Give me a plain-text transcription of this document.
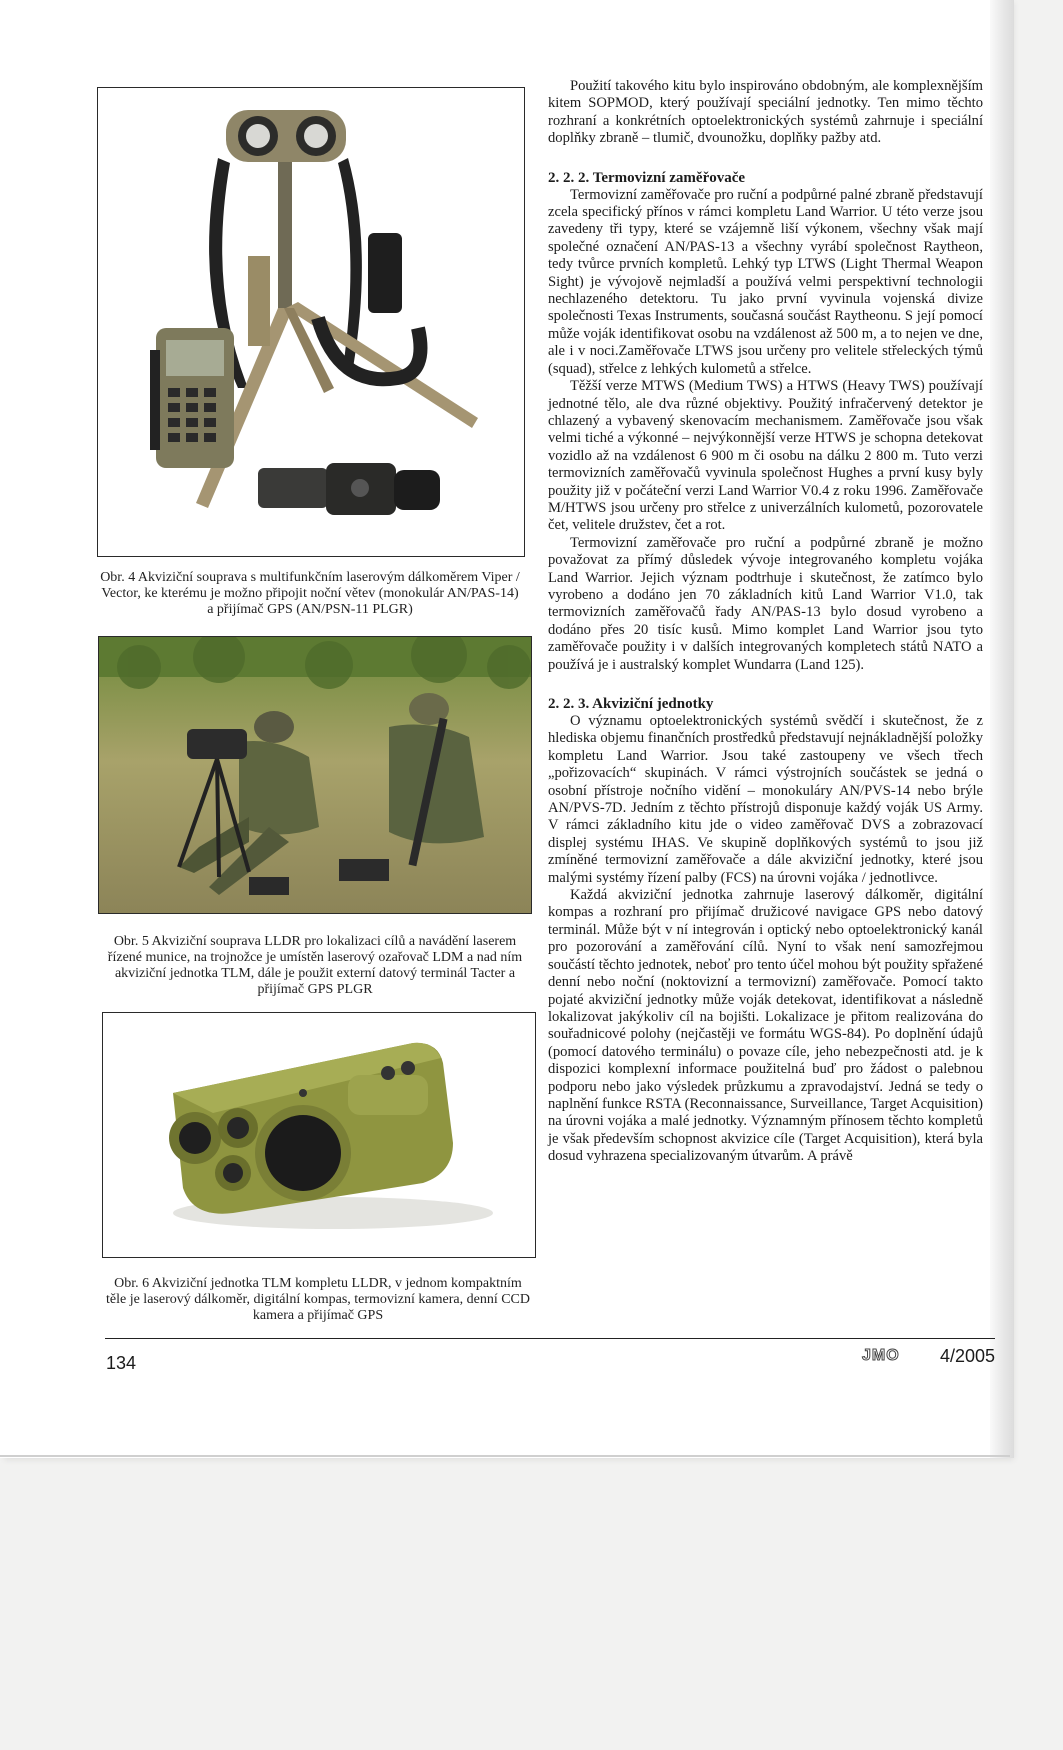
Obr. 4 Akviziční souprava s multifunkčním laserovým dálkoměrem Viper / Vector, ke kterému je možno připojit noční větev (monokulár AN/PAS-14) a přijímač GPS (AN/PSN-11 PLGR)
Obr. 5 Akviziční souprava LLDR pro lokalizaci cílů a navádění laserem řízené munice, na trojnožce je umístěn laserový ozařovač LDM a nad ním akviziční jednotka TLM, dále je použit externí datový terminál Tacter a přijímač GPS PLGR
Obr. 6 Akviziční jednotka TLM kompletu LLDR, v jednom kompaktním těle je laserový dálkoměr, digitální kompas, termovizní kamera, denní CCD kamera a přijímač GPS

Použití takového kitu bylo inspirováno obdobným, ale komplexnějším kitem SOPMOD, který používají speciální jednotky. Ten mimo těchto rozhraní a konkrétních optoelektronických systémů zahrnuje i speciální doplňky zbraně – tlumič, dvounožku, doplňky pažby atd.

2. 2. 2. Termovizní zaměřovače

Termovizní zaměřovače pro ruční a podpůrné palné zbraně představují zcela specifický přínos v rámci kompletu Land Warrior. U této verze jsou zavedeny tři typy, které se vzájemně liší výkonem, všechny však mají společné označení AN/PAS-13 a všechny vyrábí společnost Raytheon, tedy tvůrce prvních kompletů. Lehký typ LTWS (Light Thermal Weapon Sight) je vývojově nejmladší a používá velmi perspektivní technologii nechlazeného detektoru. Tu jako první vyvinula vojenská divize společnosti Texas Instruments, současná součást Raytheonu. S její pomocí může voják identifikovat osobu na vzdálenost až 500 m, a to nejen ve dne, ale i v noci.Zaměřovače LTWS jsou určeny pro velitele střeleckých týmů (squad), střelce z lehkých kulometů a střelce.

Těžší verze MTWS (Medium TWS) a HTWS (Heavy TWS) používají jednotné tělo, ale dva různé objektivy. Použitý infračervený detektor je chlazený a vybavený skenovacím mechanismem. Zaměřovače jsou však velmi tiché a výkonné – nejvýkonnější verze HTWS je schopna detekovat vozidlo až na vzdálenost 6 900 m či osobu na dálku 2 800 m. Tuto verzi termovizních zaměřovačů vyvinula společnost Hughes a první kusy byly použity již v počáteční verzi Land Warrior V0.4 z roku 1996. Zaměřovače M/HTWS jsou určeny pro střelce z univerzálních kulometů, pozorovatele čet, velitele družstev, čet a rot.

Termovizní zaměřovače pro ruční a podpůrné zbraně je možno považovat za přímý důsledek vývoje integrovaného kompletu vojáka Land Warrior. Jejich význam podtrhuje i skutečnost, že zatímco bylo vyrobeno a dodáno jen 70 základních kitů Land Warrior V1.0, tak termovizních zaměřovačů řady AN/PAS-13 bylo dosud vyrobeno a dodáno přes 20 tisíc kusů. Mimo komplet Land Warrior jsou tyto zaměřovače použity i v dalších integrovaných kompletech států NATO a používá je i australský komplet Wundarra (Land 125).

2. 2. 3. Akviziční jednotky

O významu optoelektronických systémů svědčí i skutečnost, že z hlediska objemu finančních prostředků představují nejnákladnější položky kompletu Land Warrior. Jsou také zastoupeny ve všech třech „pořizovacích“ skupinách. V rámci výstrojních součástek se jedná o osobní přístroje nočního vidění – monokuláry AN/PVS-14 nebo brýle AN/PVS-7D. Jedním z těchto přístrojů disponuje každý voják US Army. V rámci základního kitu jde o video zaměřovač DVS a zobrazovací displej systému IHAS. Ve skupině doplňkových systémů to jsou již zmíněné termovizní zaměřovače a dále akviziční jednotky, které jsou malými systémy řízení palby (FCS) na úrovni vojáka / jednotlivce.

Každá akviziční jednotka zahrnuje laserový dálkoměr, digitální kompas a rozhraní pro přijímač družicové navigace GPS nebo datový terminál. Může být v ní integrován i optický nebo optoelektronický kanál pro pozorování a zaměřování cílů. Nyní to však není samozřejmou součástí těchto jednotek, neboť pro tento účel mohou být použity spřažené denní nebo noční (noktovizní a termovizní) zaměřovače. Pomocí takto pojaté akviziční jednotky může voják detekovat, identifikovat a následně lokalizovat jakýkoliv cíl na bojišti. Lokalizace je přitom realizována do souřadnicové polohy (nejčastěji ve formátu WGS-84). Po doplnění údajů (pomocí datového terminálu) o povaze cíle, jeho nebezpečnosti atd. je k dispozici komplexní informace použitelná buď pro žádost o palebnou podporu nebo jako výsledek průzkumu a zpravodajství. Jedná se tedy o naplnění funkce RSTA (Reconnaissance, Surveillance, Target Acquisition) na úrovni vojáka a malé jednotky. Významným přínosem těchto kompletů je však především schopnost akvizice cíle (Target Acquisition), která byla dosud vyhrazena specializovaným útvarům. A právě

134	JMO 4/2005
